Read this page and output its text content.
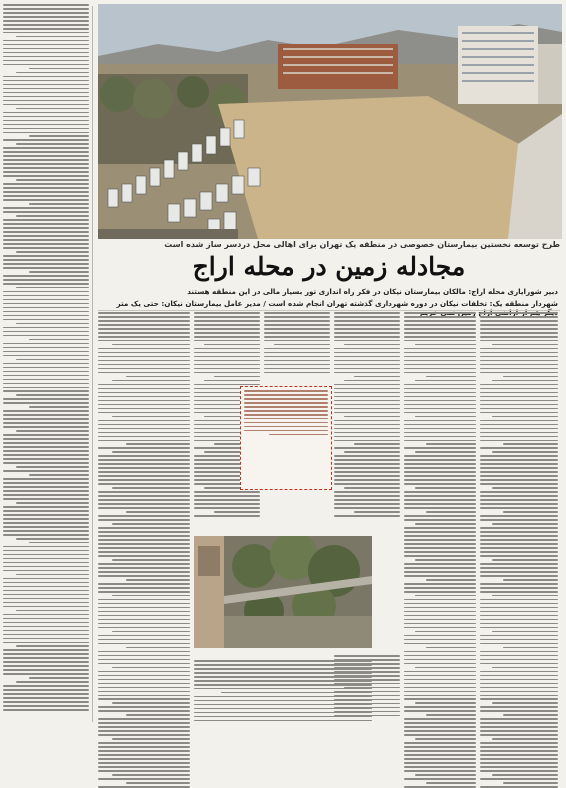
طرح توسعه نخستین بیمارستان خصوصی در منطقه یک تهران برای اهالی محل دردسر ساز شده است
مجادله زمین در محله اراج
دبیر شورایاری محله اراج: مالکان بیمارستان نیکان در فکر راه اندازی تور بسیار مالی در این منطقه هستند
شهردار منطقه یک: تخلفات نیکان در دوره شهرداری گذشته تهران انجام شده است / مدیر عامل بیمارستان نیکان: حتی یک متر
